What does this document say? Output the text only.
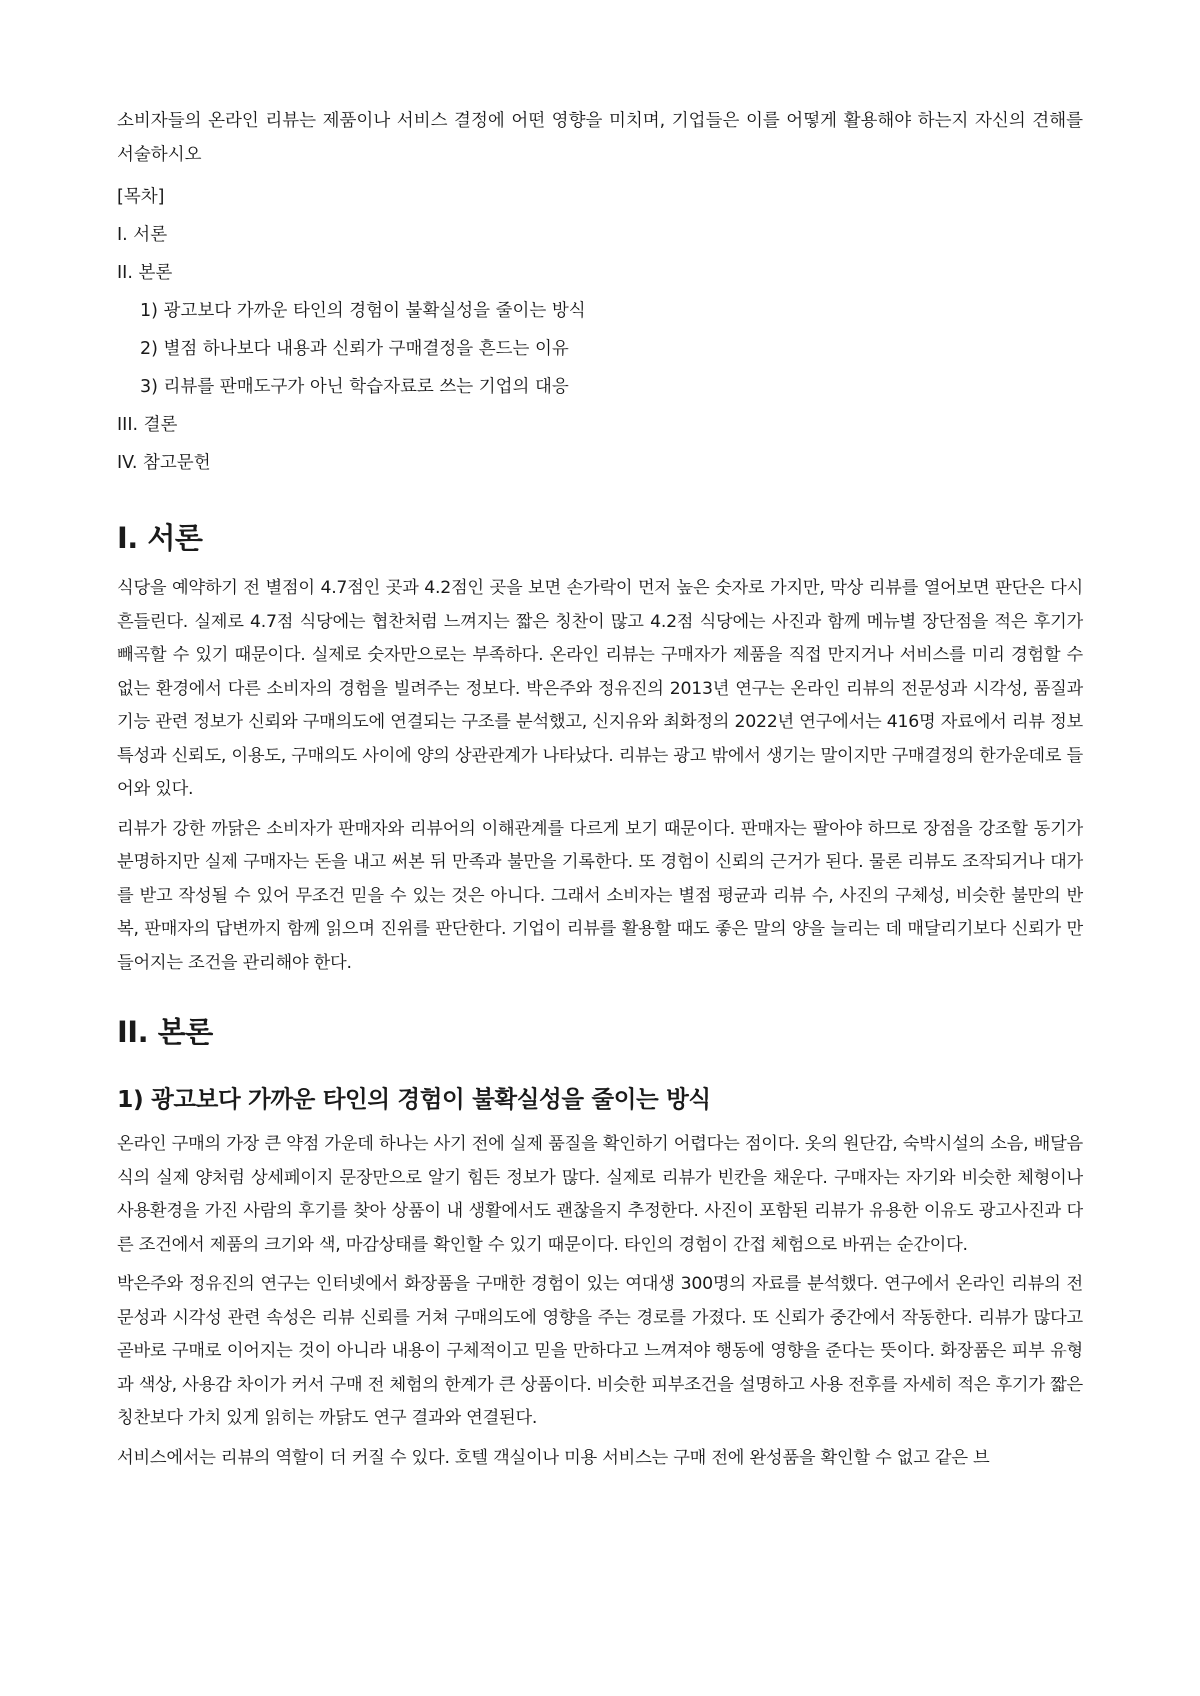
소비자들의 온라인 리뷰는 제품이나 서비스 결정에 어떤 영향을 미치며, 기업들은 이를 어떻게 활용해야 하는지 자신의 견해를 서술하시오

[목차]
I. 서론
II. 본론
1) 광고보다 가까운 타인의 경험이 불확실성을 줄이는 방식
2) 별점 하나보다 내용과 신뢰가 구매결정을 흔드는 이유
3) 리뷰를 판매도구가 아닌 학습자료로 쓰는 기업의 대응
III. 결론
IV. 참고문헌
I. 서론

식당을 예약하기 전 별점이 4.7점인 곳과 4.2점인 곳을 보면 손가락이 먼저 높은 숫자로 가지만, 막상 리뷰를 열어보면 판단은 다시 흔들린다. 실제로 4.7점 식당에는 협찬처럼 느껴지는 짧은 칭찬이 많고 4.2점 식당에는 사진과 함께 메뉴별 장단점을 적은 후기가 빼곡할 수 있기 때문이다. 실제로 숫자만으로는 부족하다. 온라인 리뷰는 구매자가 제품을 직접 만지거나 서비스를 미리 경험할 수 없는 환경에서 다른 소비자의 경험을 빌려주는 정보다. 박은주와 정유진의 2013년 연구는 온라인 리뷰의 전문성과 시각성, 품질과 기능 관련 정보가 신뢰와 구매의도에 연결되는 구조를 분석했고, 신지유와 최화정의 2022년 연구에서는 416명 자료에서 리뷰 정보 특성과 신뢰도, 이용도, 구매의도 사이에 양의 상관관계가 나타났다. 리뷰는 광고 밖에서 생기는 말이지만 구매결정의 한가운데로 들어와 있다.

리뷰가 강한 까닭은 소비자가 판매자와 리뷰어의 이해관계를 다르게 보기 때문이다. 판매자는 팔아야 하므로 장점을 강조할 동기가 분명하지만 실제 구매자는 돈을 내고 써본 뒤 만족과 불만을 기록한다. 또 경험이 신뢰의 근거가 된다. 물론 리뷰도 조작되거나 대가를 받고 작성될 수 있어 무조건 믿을 수 있는 것은 아니다. 그래서 소비자는 별점 평균과 리뷰 수, 사진의 구체성, 비슷한 불만의 반복, 판매자의 답변까지 함께 읽으며 진위를 판단한다. 기업이 리뷰를 활용할 때도 좋은 말의 양을 늘리는 데 매달리기보다 신뢰가 만들어지는 조건을 관리해야 한다.

II. 본론
1) 광고보다 가까운 타인의 경험이 불확실성을 줄이는 방식

온라인 구매의 가장 큰 약점 가운데 하나는 사기 전에 실제 품질을 확인하기 어렵다는 점이다. 옷의 원단감, 숙박시설의 소음, 배달음식의 실제 양처럼 상세페이지 문장만으로 알기 힘든 정보가 많다. 실제로 리뷰가 빈칸을 채운다. 구매자는 자기와 비슷한 체형이나 사용환경을 가진 사람의 후기를 찾아 상품이 내 생활에서도 괜찮을지 추정한다. 사진이 포함된 리뷰가 유용한 이유도 광고사진과 다른 조건에서 제품의 크기와 색, 마감상태를 확인할 수 있기 때문이다. 타인의 경험이 간접 체험으로 바뀌는 순간이다.

박은주와 정유진의 연구는 인터넷에서 화장품을 구매한 경험이 있는 여대생 300명의 자료를 분석했다. 연구에서 온라인 리뷰의 전문성과 시각성 관련 속성은 리뷰 신뢰를 거쳐 구매의도에 영향을 주는 경로를 가졌다. 또 신뢰가 중간에서 작동한다. 리뷰가 많다고 곧바로 구매로 이어지는 것이 아니라 내용이 구체적이고 믿을 만하다고 느껴져야 행동에 영향을 준다는 뜻이다. 화장품은 피부 유형과 색상, 사용감 차이가 커서 구매 전 체험의 한계가 큰 상품이다. 비슷한 피부조건을 설명하고 사용 전후를 자세히 적은 후기가 짧은 칭찬보다 가치 있게 읽히는 까닭도 연구 결과와 연결된다.

서비스에서는 리뷰의 역할이 더 커질 수 있다. 호텔 객실이나 미용 서비스는 구매 전에 완성품을 확인할 수 없고 같은 브
